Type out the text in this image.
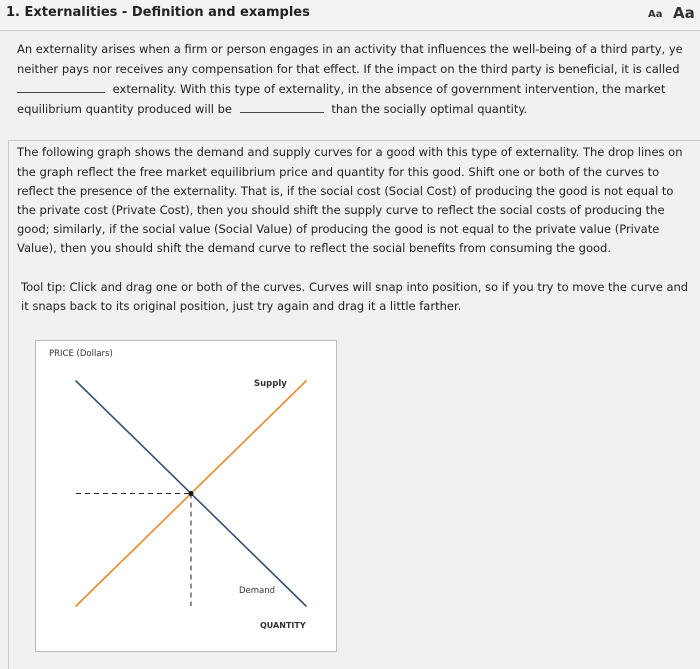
1. Externalities - Definition and examples	Aa Aa
An externality arises when a firm or person engages in an activity that influences the well-being of a third party, ye
neither pays nor receives any compensation for that effect. If the impact on the third party is beneficial, it is called
externality. With this type of externality, in the absence of government intervention, the market
equilibrium quantity produced will be	than the socially optimal quantity.
The following graph shows the demand and supply curves for a good with this type of externality. The drop lines on
the graph reflect the free market equilibrium price and quantity for this good. Shift one or both of the curves to
reflect the presence of the externality. That is, if the social cost (Social Cost) of producing the good is not equal to
the private cost (Private Cost), then you should shift the supply curve to reflect the social costs of producing the
good; similarly, if the social value (Social Value) of producing the good is not equal to the private value (Private
Value), then you should shift the demand curve to reflect the social benefits from consuming the good.
Tool tip: Click and drag one or both of the curves. Curves will snap into position, so if you try to move the curve and
it snaps back to its original position, just try again and drag it a little farther.
PRICE (Dollars)
Supply
Demand
QUANTITY
